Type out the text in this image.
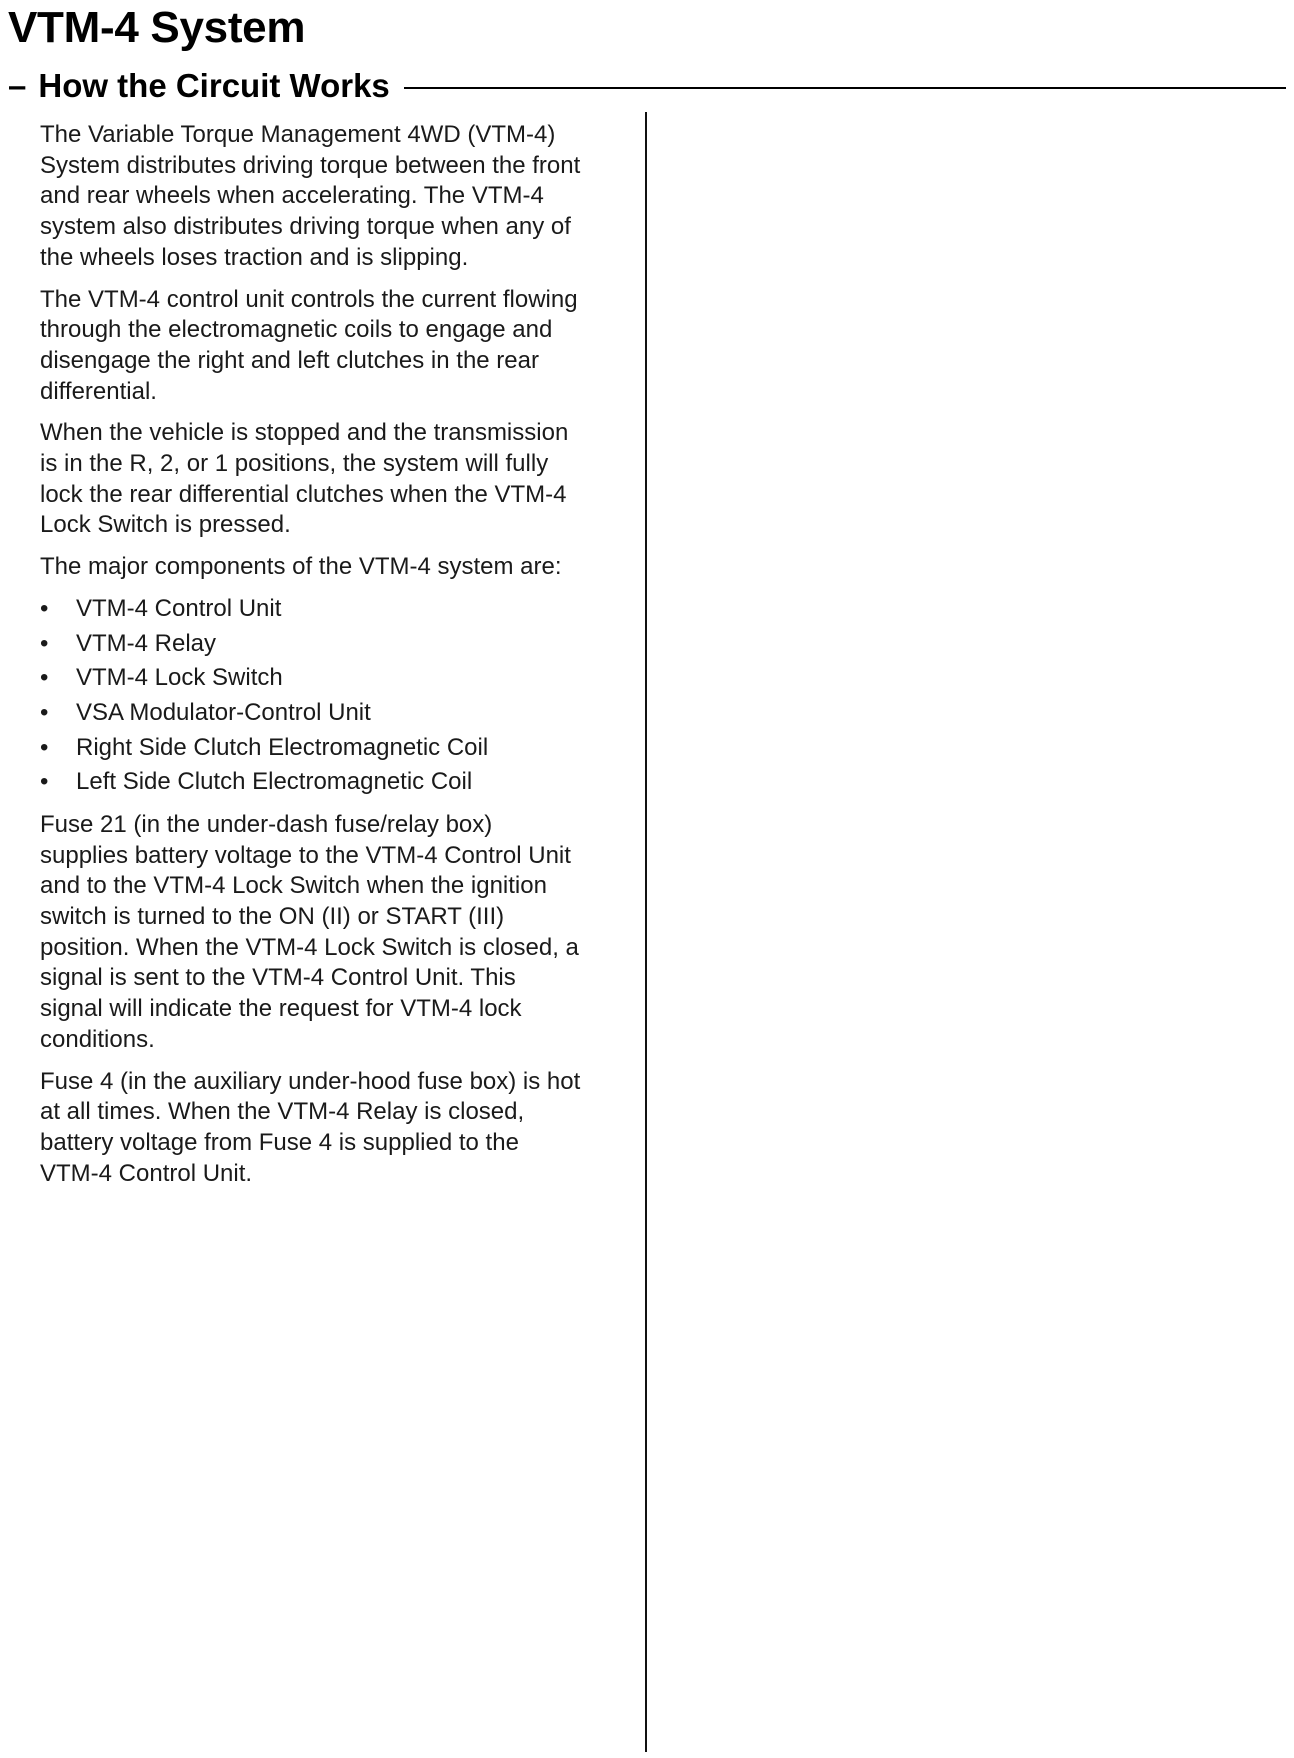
VTM-4 System
– How the Circuit Works

The Variable Torque Management 4WD (VTM-4)
System distributes driving torque between the front
and rear wheels when accelerating. The VTM-4
system also distributes driving torque when any of
the wheels loses traction and is slipping.

The VTM-4 control unit controls the current flowing
through the electromagnetic coils to engage and
disengage the right and left clutches in the rear
differential.

When the vehicle is stopped and the transmission
is in the R, 2, or 1 positions, the system will fully
lock the rear differential clutches when the VTM-4
Lock Switch is pressed.

The major components of the VTM-4 system are:

• VTM-4 Control Unit
• VTM-4 Relay
• VTM-4 Lock Switch
• VSA Modulator-Control Unit
• Right Side Clutch Electromagnetic Coil
• Left Side Clutch Electromagnetic Coil

Fuse 21 (in the under-dash fuse/relay box)
supplies battery voltage to the VTM-4 Control Unit
and to the VTM-4 Lock Switch when the ignition
switch is turned to the ON (II) or START (III)
position. When the VTM-4 Lock Switch is closed, a
signal is sent to the VTM-4 Control Unit. This
signal will indicate the request for VTM-4 lock
conditions.

Fuse 4 (in the auxiliary under-hood fuse box) is hot
at all times. When the VTM-4 Relay is closed,
battery voltage from Fuse 4 is supplied to the
VTM-4 Control Unit.
